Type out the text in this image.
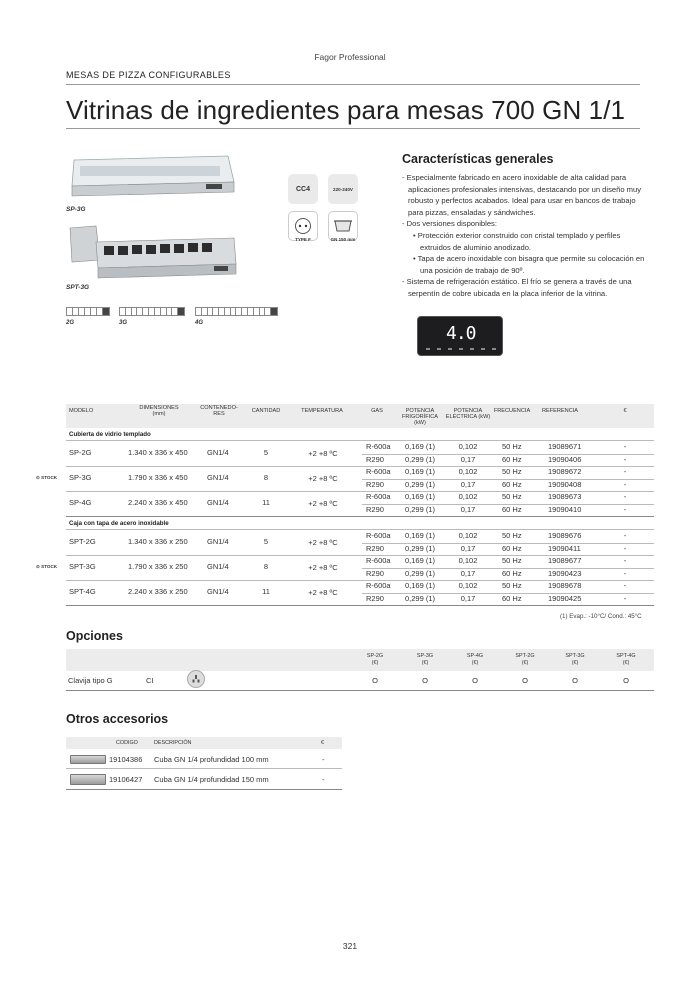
Fagor Professional
MESAS DE PIZZA CONFIGURABLES
Vitrinas de ingredientes para mesas 700 GN 1/1
SP-3G
SPT-3G
2G	3G	4G
CC4	220-240V
TYPE F	GN 150 mm
Características generales
- Especialmente fabricado en acero inoxidable de alta calidad para aplicaciones profesionales intensivas, destacando por un diseño muy robusto y perfectos acabados. Ideal para usar en bancos de trabajo para pizzas, ensaladas y sándwiches.
- Dos versiones disponibles:
• Protección exterior construido con cristal templado y perfiles extruidos de aluminio anodizado.
• Tapa de acero inoxidable con bisagra que permite su colocación en una posición de trabajo de 90º.
- Sistema de refrigeración estático. El frío se genera a través de una serpentín de cobre ubicada en la placa inferior de la vitrina.
4.0
MODELO	DIMENSIONES (mm)
CONTENEDO-RES
CANTIDAD	TEMPERATURA	GAS	POTENCIA FRIGORÍFICA (kW)
POTENCIA ELÉCTRICA (kW)
FRECUENCIA	REFERENCIA	€
Cubierta de vidrio templado
Caja con tapa de acero inoxidable
SP-2G	1.340 x 336 x 450	GN1/4	5	+2 +8 ºC
R-600a 0,169 (1)	0,102	50 Hz	19089671	-
R290	0,299 (1)	0,17	60 Hz	19090406	-
SP-3G	1.790 x 336 x 450	GN1/4	8	+2 +8 ºC
R-600a 0,169 (1)	0,102	50 Hz	19089672	-
R290	0,299 (1)	0,17	60 Hz	19090408	-
SP-4G	2.240 x 336 x 450	GN1/4	11	+2 +8 ºC
R-600a 0,169 (1)	0,102	50 Hz	19089673	-
R290	0,299 (1)	0,17	60 Hz	19090410	-
SPT-2G	1.340 x 336 x 250	GN1/4	5	+2 +8 ºC
R-600a 0,169 (1)	0,102	50 Hz	19089676	-
R290	0,299 (1)	0,17	60 Hz	19090411	-
SPT-3G	1.790 x 336 x 250	GN1/4	8	+2 +8 ºC
R-600a 0,169 (1)	0,102	50 Hz	19089677	-
R290	0,299 (1)	0,17	60 Hz	19090423	-
SPT-4G	2.240 x 336 x 250	GN1/4	11	+2 +8 ºC
R-600a 0,169 (1)	0,102	50 Hz	19089678	-
R290	0,299 (1)	0,17	60 Hz	19090425	-
⊙ STOCK
⊙ STOCK
(1) Evap.: -10°C/ Cond.: 45°C
Opciones
SP-2G
(€)
SP-3G
(€)
SP-4G
(€)
SPT-2G
(€)
SPT-3G
(€)
SPT-4G
(€)
Clavija tipo G	CI	O	O	O	O	O	O
Otros accesorios
CODIGO	DESCRIPCIÓN	€
19104386 Cuba GN 1/4 profundidad 100 mm	-
19106427 Cuba GN 1/4 profundidad 150 mm	-
321
